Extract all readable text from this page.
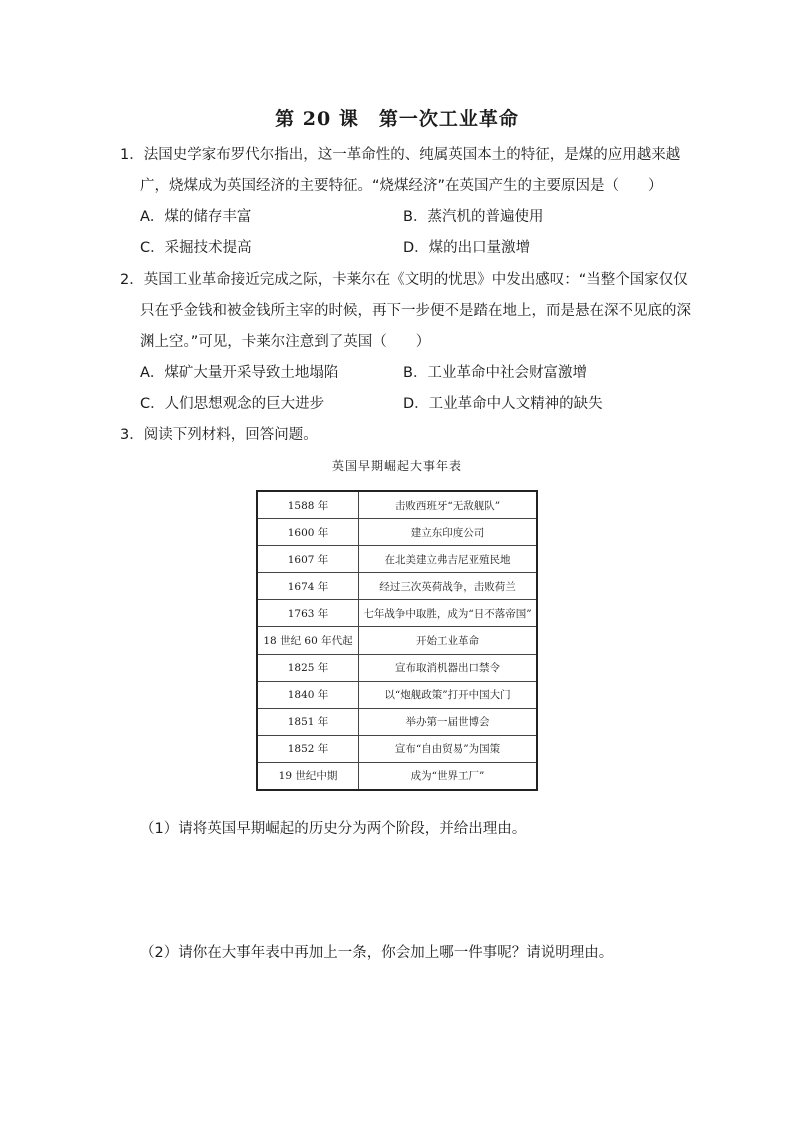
第 20 课　第一次工业革命
1．法国史学家布罗代尔指出，这一革命性的、纯属英国本土的特征，是煤的应用越来越
广，烧煤成为英国经济的主要特征。“烧煤经济”在英国产生的主要原因是（　　）
A．煤的储存丰富	B．蒸汽机的普遍使用
C．采掘技术提高	D．煤的出口量激增
2．英国工业革命接近完成之际，卡莱尔在《文明的忧思》中发出感叹：“当整个国家仅仅
只在乎金钱和被金钱所主宰的时候，再下一步便不是踏在地上，而是悬在深不见底的深
渊上空。”可见，卡莱尔注意到了英国（　　）
A．煤矿大量开采导致土地塌陷	B．工业革命中社会财富激增
C．人们思想观念的巨大进步	D．工业革命中人文精神的缺失
3．阅读下列材料，回答问题。
英国早期崛起大事年表
1588 年	击败西班牙“无敌舰队”
1600 年	建立东印度公司
1607 年	在北美建立弗吉尼亚殖民地
1674 年	经过三次英荷战争，击败荷兰
1763 年	七年战争中取胜，成为“日不落帝国”
18 世纪 60 年代起	开始工业革命
1825 年	宣布取消机器出口禁令
1840 年	以“炮舰政策”打开中国大门
1851 年	举办第一届世博会
1852 年	宣布“自由贸易”为国策
19 世纪中期	成为“世界工厂”
（1）请将英国早期崛起的历史分为两个阶段，并给出理由。
（2）请你在大事年表中再加上一条，你会加上哪一件事呢？请说明理由。
